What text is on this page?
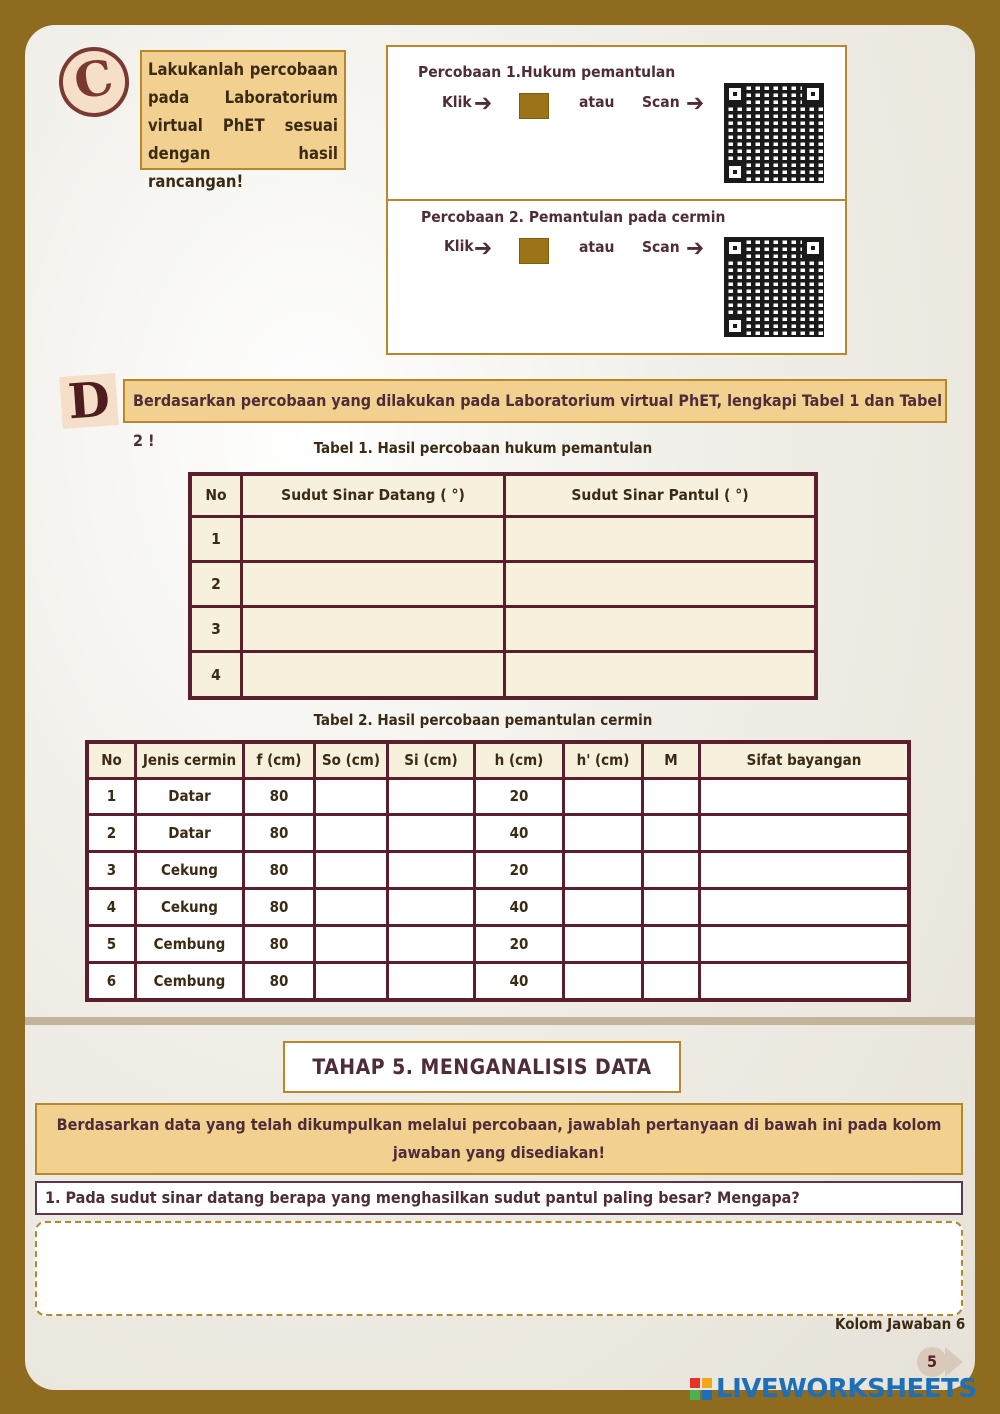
C	Lakukanlah percobaan pada Laboratorium virtual PhET sesuai dengan hasil rancangan!
Percobaan 1.Hukum pemantulan
Klik ➔	atau Scan ➔
Percobaan 2. Pemantulan pada cermin
Klik ➔	atau Scan ➔
D	Berdasarkan percobaan yang dilakukan pada Laboratorium virtual PhET, lengkapi Tabel 1 dan Tabel 2 !	Tabel 1. Hasil percobaan hukum pemantulan
No	Sudut Sinar Datang ( °)	Sudut Sinar Pantul ( °)
1		
2		
3		
4		
Tabel 2. Hasil percobaan pemantulan cermin
No	Jenis cermin	f (cm)	So (cm)	Si (cm)	h (cm)	h' (cm)	M	Sifat bayangan
1	Datar	80			20			
2	Datar	80			40			
3	Cekung	80			20			
4	Cekung	80			40			
5	Cembung	80			20			
6	Cembung	80			40			
TAHAP 5. MENGANALISIS DATA
Berdasarkan data yang telah dikumpulkan melalui percobaan, jawablah pertanyaan di bawah ini pada kolom jawaban yang disediakan!
1. Pada sudut sinar datang berapa yang menghasilkan sudut pantul paling besar? Mengapa?
Kolom Jawaban 6
5
LIVEWORKSHEETS
